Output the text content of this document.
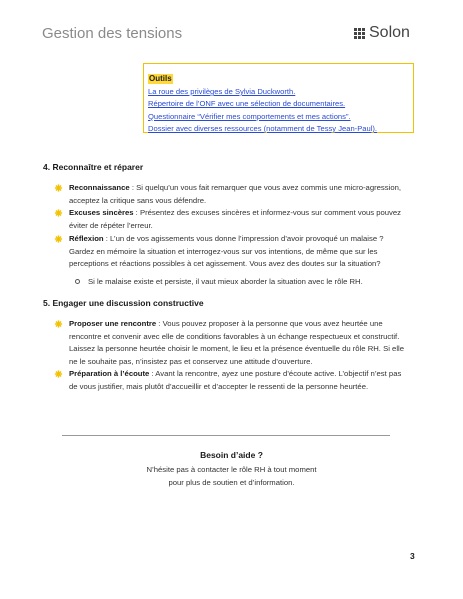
Gestion des tensions	Solon
Outils
La roue des privilèges de Sylvia Duckworth.
Répertoire de l’ONF avec une sélection de documentaires.
Questionnaire “Vérifier mes comportements et mes actions”.
Dossier avec diverses ressources (notamment de Tessy Jean-Paul).
4. Reconnaître et réparer
Reconnaissance : Si quelqu’un vous fait remarquer que vous avez commis une micro-agression, acceptez la critique sans vous défendre.
Excuses sincères : Présentez des excuses sincères et informez-vous sur comment vous pouvez éviter de répéter l’erreur.
Réflexion : L’un de vos agissements vous donne l’impression d’avoir provoqué un malaise ? Gardez en mémoire la situation et interrogez-vous sur vos intentions, de même que sur les perceptions et réactions possibles à cet agissement. Vous avez des doutes sur la situation?
Si le malaise existe et persiste, il vaut mieux aborder la situation avec le rôle RH.
5. Engager une discussion constructive
Proposer une rencontre : Vous pouvez proposer à la personne que vous avez heurtée une rencontre et convenir avec elle de conditions favorables à un échange respectueux et constructif. Laissez la personne heurtée choisir le moment, le lieu et la présence éventuelle du rôle RH. Si elle ne le souhaite pas, n’insistez pas et conservez une attitude d’ouverture.
Préparation à l’écoute : Avant la rencontre, ayez une posture d’écoute active. L’objectif n’est pas de vous justifier, mais plutôt d’accueillir et d’accepter le ressenti de la personne heurtée.
Besoin d’aide ?
N’hésite pas à contacter le rôle RH à tout moment
pour plus de soutien et d’information.
3
